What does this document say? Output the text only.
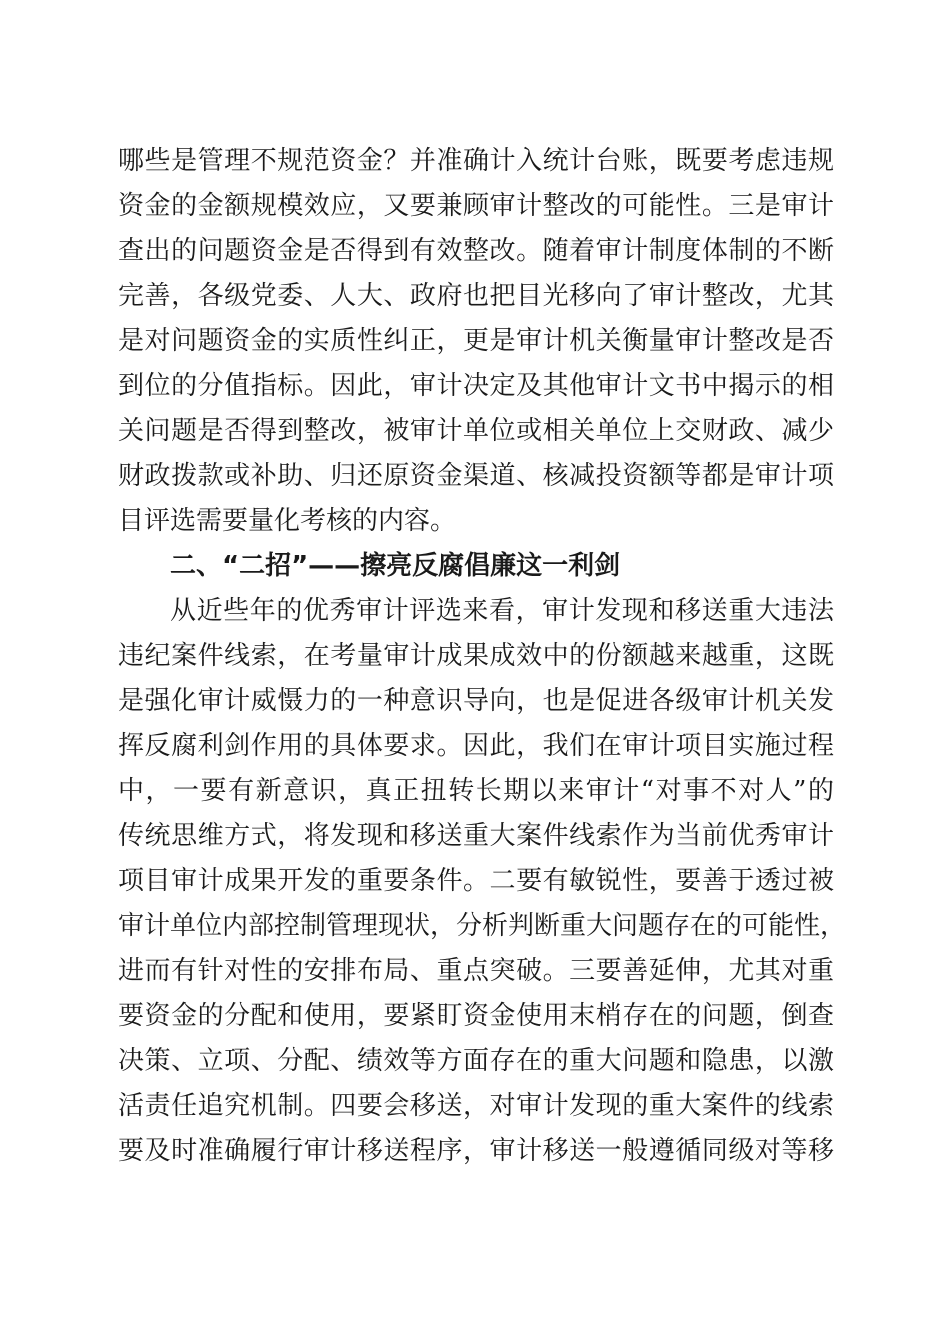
哪些是管理不规范资金？并准确计入统计台账，既要考虑违规
资金的金额规模效应，又要兼顾审计整改的可能性。三是审计
查出的问题资金是否得到有效整改。随着审计制度体制的不断
完善，各级党委、人大、政府也把目光移向了审计整改，尤其
是对问题资金的实质性纠正，更是审计机关衡量审计整改是否
到位的分值指标。因此，审计决定及其他审计文书中揭示的相
关问题是否得到整改，被审计单位或相关单位上交财政、减少
财政拨款或补助、归还原资金渠道、核减投资额等都是审计项
目评选需要量化考核的内容。
二、“二招”——擦亮反腐倡廉这一利剑
从近些年的优秀审计评选来看，审计发现和移送重大违法
违纪案件线索，在考量审计成果成效中的份额越来越重，这既
是强化审计威慑力的一种意识导向，也是促进各级审计机关发
挥反腐利剑作用的具体要求。因此，我们在审计项目实施过程
中，一要有新意识，真正扭转长期以来审计“对事不对人”的
传统思维方式，将发现和移送重大案件线索作为当前优秀审计
项目审计成果开发的重要条件。二要有敏锐性，要善于透过被
审计单位内部控制管理现状，分析判断重大问题存在的可能性，
进而有针对性的安排布局、重点突破。三要善延伸，尤其对重
要资金的分配和使用，要紧盯资金使用末梢存在的问题，倒查
决策、立项、分配、绩效等方面存在的重大问题和隐患，以激
活责任追究机制。四要会移送，对审计发现的重大案件的线索
要及时准确履行审计移送程序，审计移送一般遵循同级对等移
